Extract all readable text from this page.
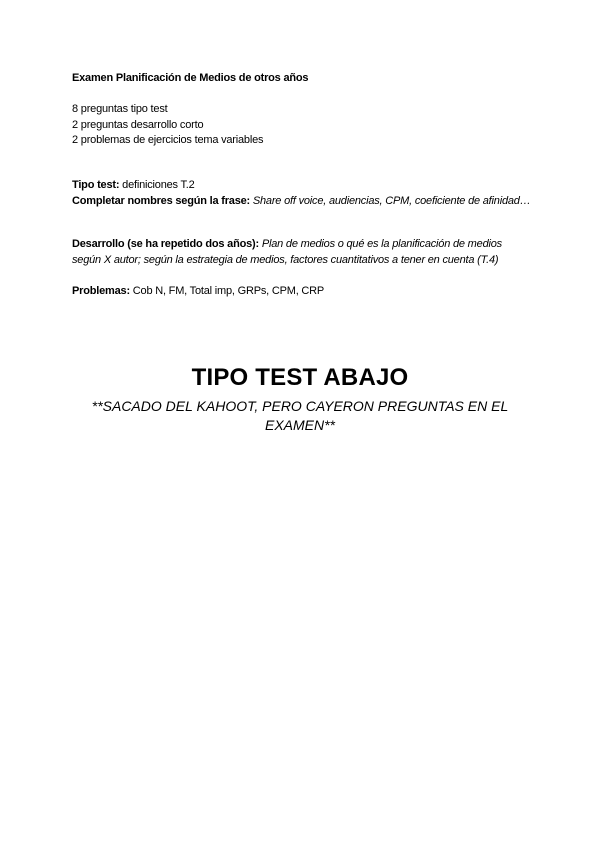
Examen Planificación de Medios de otros años
8 preguntas tipo test
2 preguntas desarrollo corto
2 problemas de ejercicios tema variables
Tipo test: definiciones T.2
Completar nombres según la frase: Share off voice, audiencias, CPM, coeficiente de afinidad…
Desarrollo (se ha repetido dos años): Plan de medios o qué es la planificación de medios según X autor; según la estrategia de medios, factores cuantitativos a tener en cuenta (T.4)
Problemas: Cob N, FM, Total imp, GRPs, CPM, CRP
TIPO TEST ABAJO
**SACADO DEL KAHOOT, PERO CAYERON PREGUNTAS EN EL EXAMEN**
